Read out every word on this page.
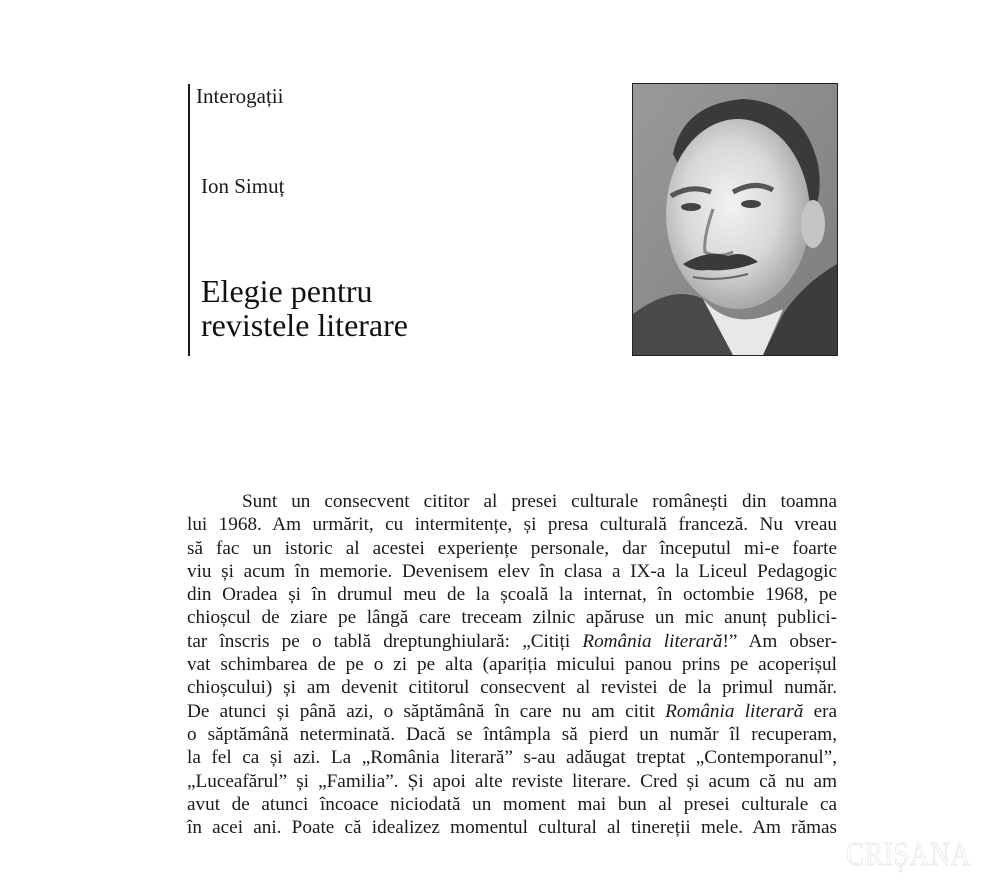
Interogații
Ion Simuț
Elegie pentru
revistele literare
Sunt un consecvent cititor al presei culturale românești din toamna
lui 1968. Am urmărit, cu intermitențe, și presa culturală franceză. Nu vreau
să fac un istoric al acestei experiențe personale, dar începutul mi-e foarte
viu și acum în memorie. Devenisem elev în clasa a IX-a la Liceul Pedagogic
din Oradea și în drumul meu de la școală la internat, în octombie 1968, pe
chioșcul de ziare pe lângă care treceam zilnic apăruse un mic anunț publici-
tar înscris pe o tablă dreptunghiulară: „Citiți România literară!” Am obser-
vat schimbarea de pe o zi pe alta (apariția micului panou prins pe acoperișul
chioșcului) și am devenit cititorul consecvent al revistei de la primul număr.
De atunci și până azi, o săptămână în care nu am citit România literară era
o săptămână neterminată. Dacă se întâmpla să pierd un număr îl recuperam,
la fel ca și azi. La „România literară” s-au adăugat treptat „Contemporanul”,
„Luceafărul” și „Familia”. Și apoi alte reviste literare. Cred și acum că nu am
avut de atunci încoace niciodată un moment mai bun al presei culturale ca
în acei ani. Poate că idealizez momentul cultural al tinereții mele. Am rămas
CRIȘANA
